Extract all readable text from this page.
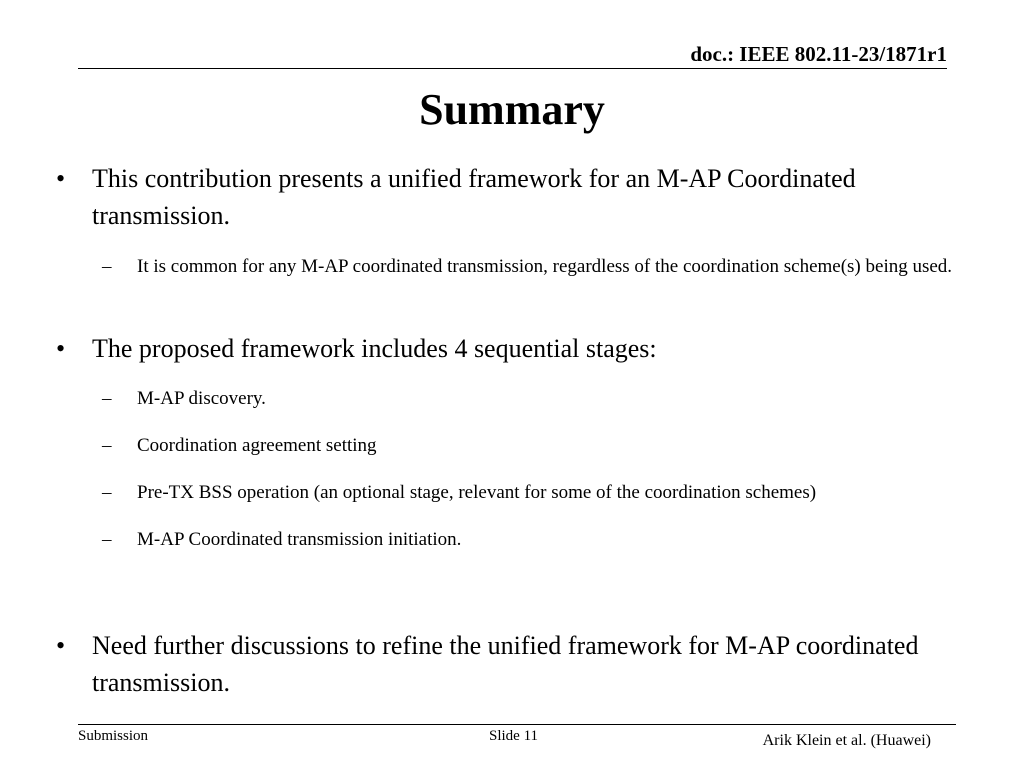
doc.: IEEE 802.11-23/1871r1
Summary
• This contribution presents a unified framework for an M-AP Coordinated transmission.
– It is common for any M-AP coordinated transmission, regardless of the coordination scheme(s) being used.
• The proposed framework includes 4 sequential stages:
– M-AP discovery.
– Coordination agreement setting
– Pre-TX BSS operation (an optional stage, relevant for some of the coordination schemes)
– M-AP Coordinated transmission initiation.
• Need further discussions to refine the unified framework for M-AP coordinated transmission.
Submission	Slide 11	Arik Klein et al. (Huawei)
